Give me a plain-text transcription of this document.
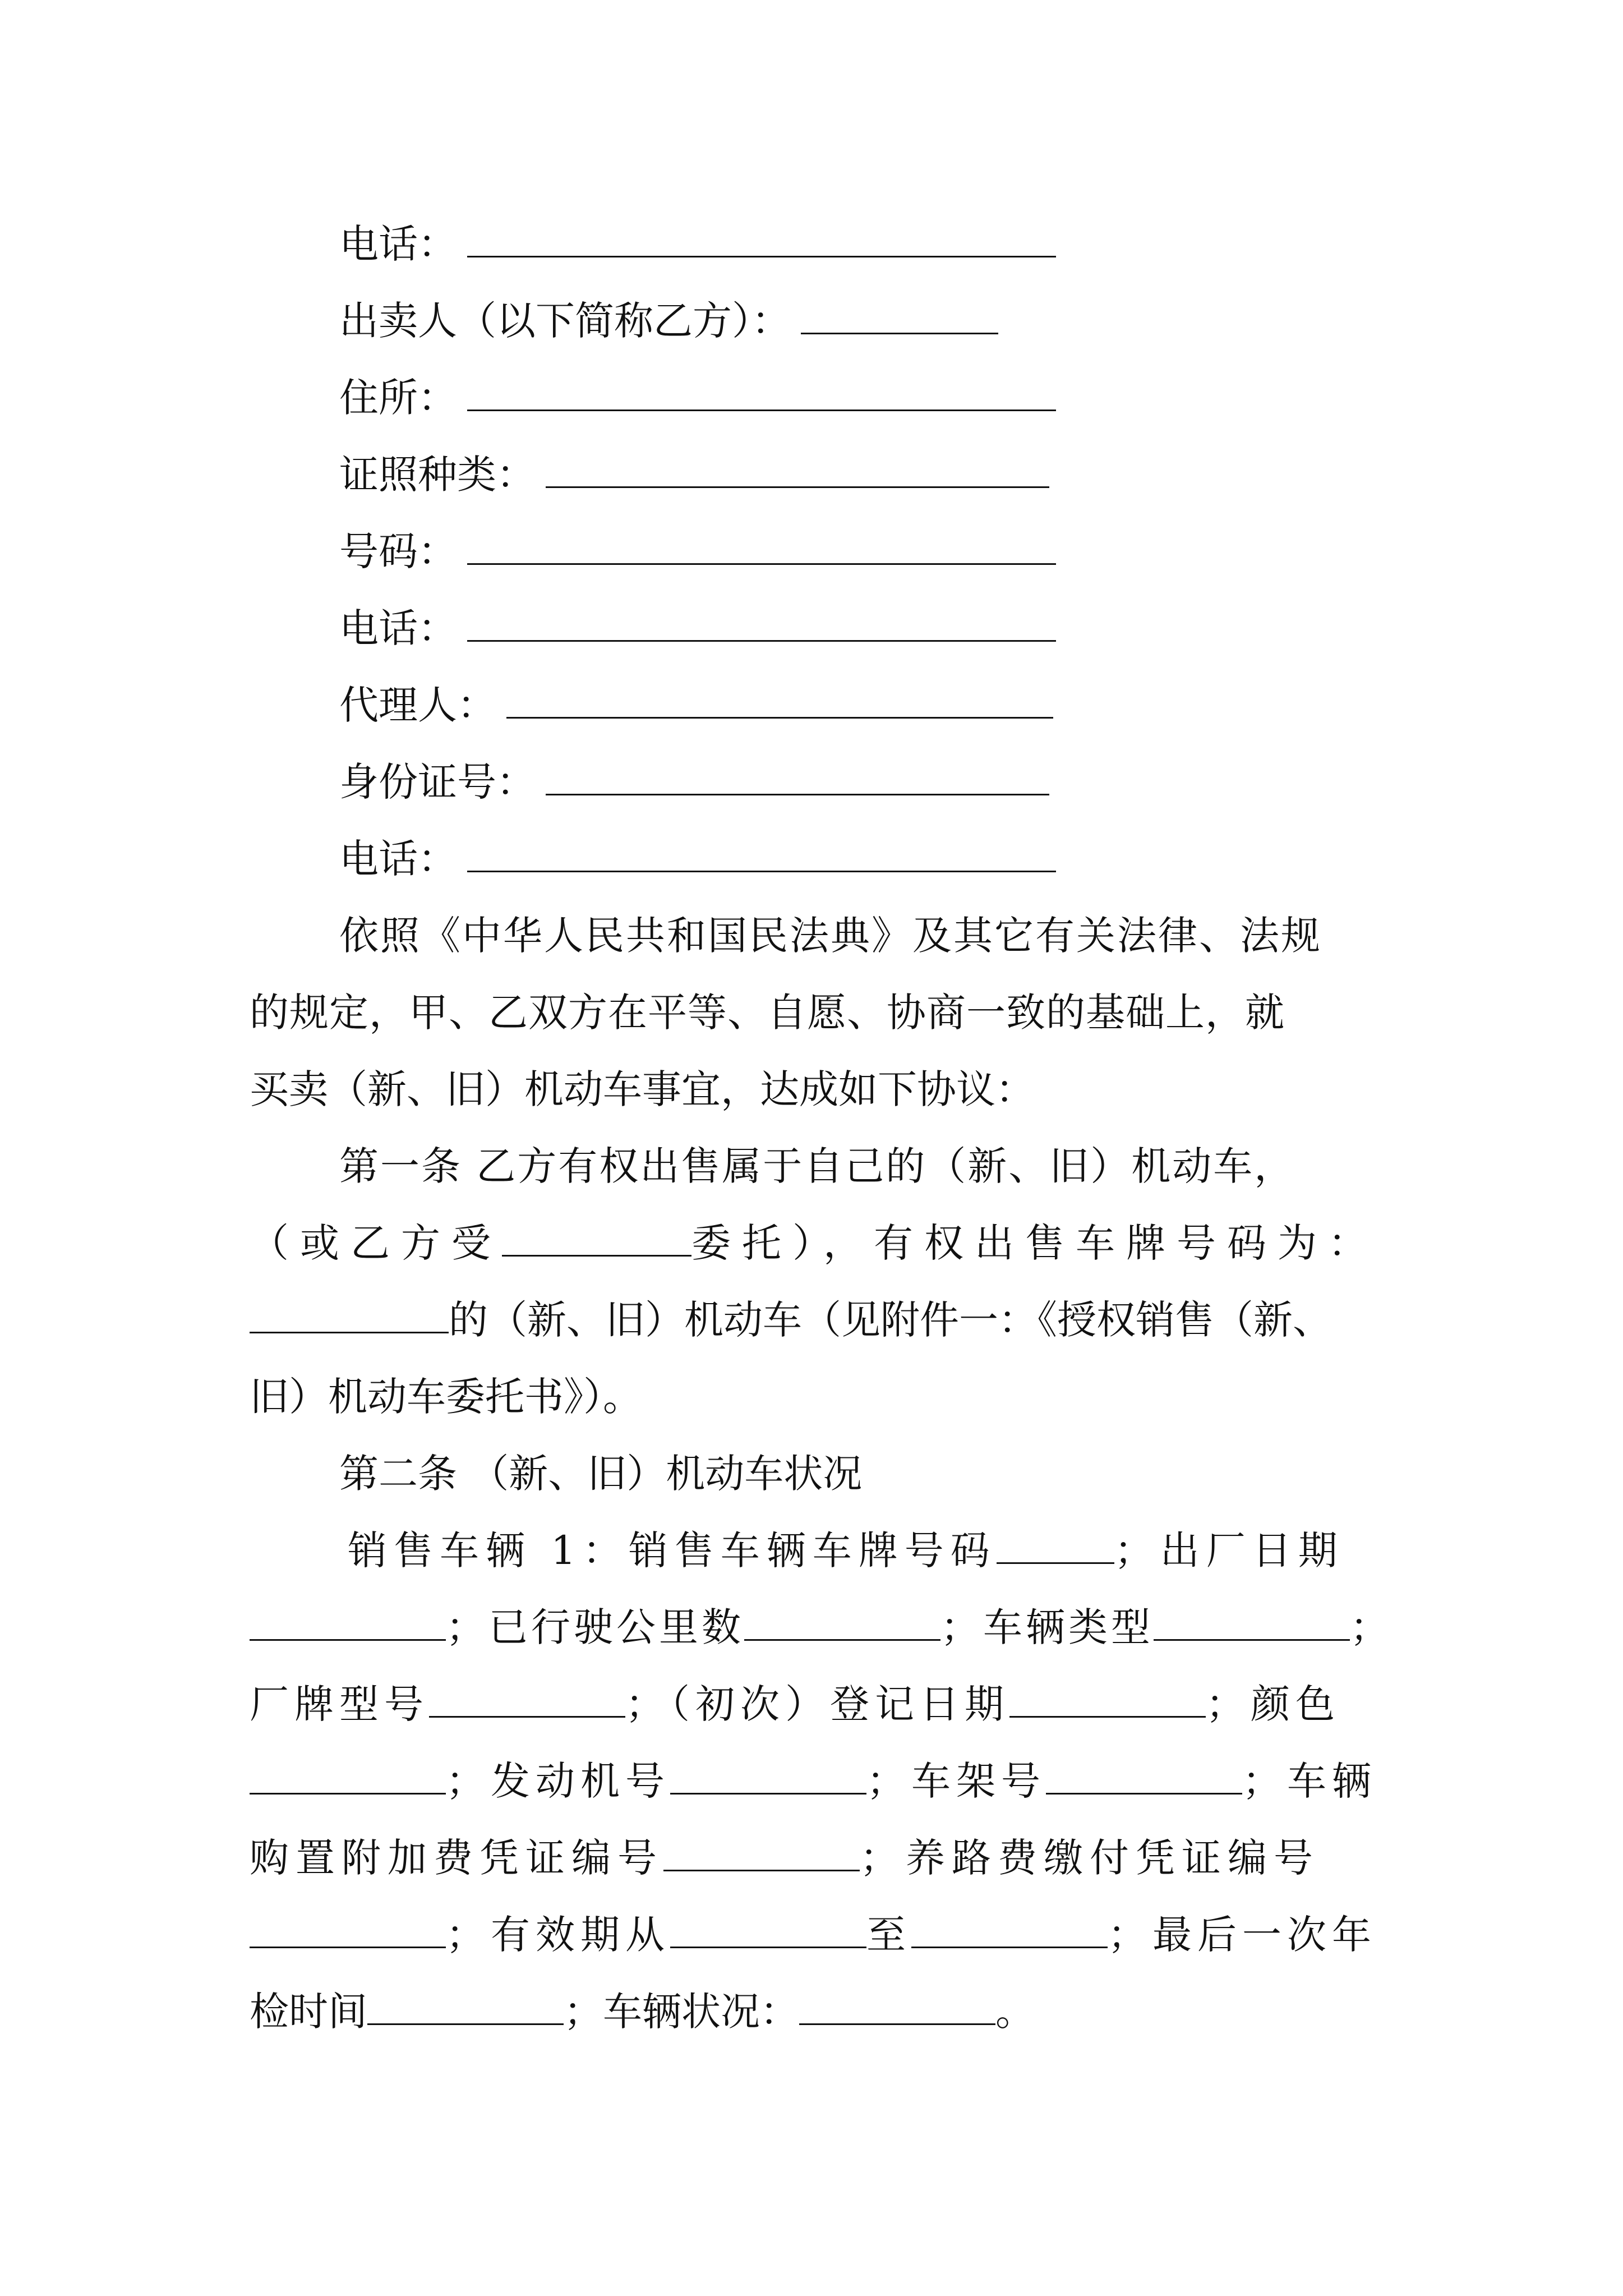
电话：
出卖人（以下简称乙方）：
住所：
证照种类：
号码：
电话：
代理人：
身份证号：
电话：
依照《中华人民共和国民法典》及其它有关法律、法规
的规定，甲、乙双方在平等、自愿、协商一致的基础上，就
买卖（新、旧）机动车事宜，达成如下协议：
第一条 乙方有权出售属于自己的（新、旧）机动车，
（或乙方受	委托），有权出售车牌号码为：
的（新、旧）机动车（见附件一：《授权销售（新、
旧）机动车委托书》）。
第二条 （新、旧）机动车状况
销售车辆 1：销售车辆车牌号码	；出厂日期
；已行驶公里数	；车辆类型	；
厂牌型号	；（初次）登记日期	；颜色
；发动机号	；车架号	；车辆
购置附加费凭证编号	；养路费缴付凭证编号
；有效期从	至	；最后一次年
检时间	；车辆状况：	。
